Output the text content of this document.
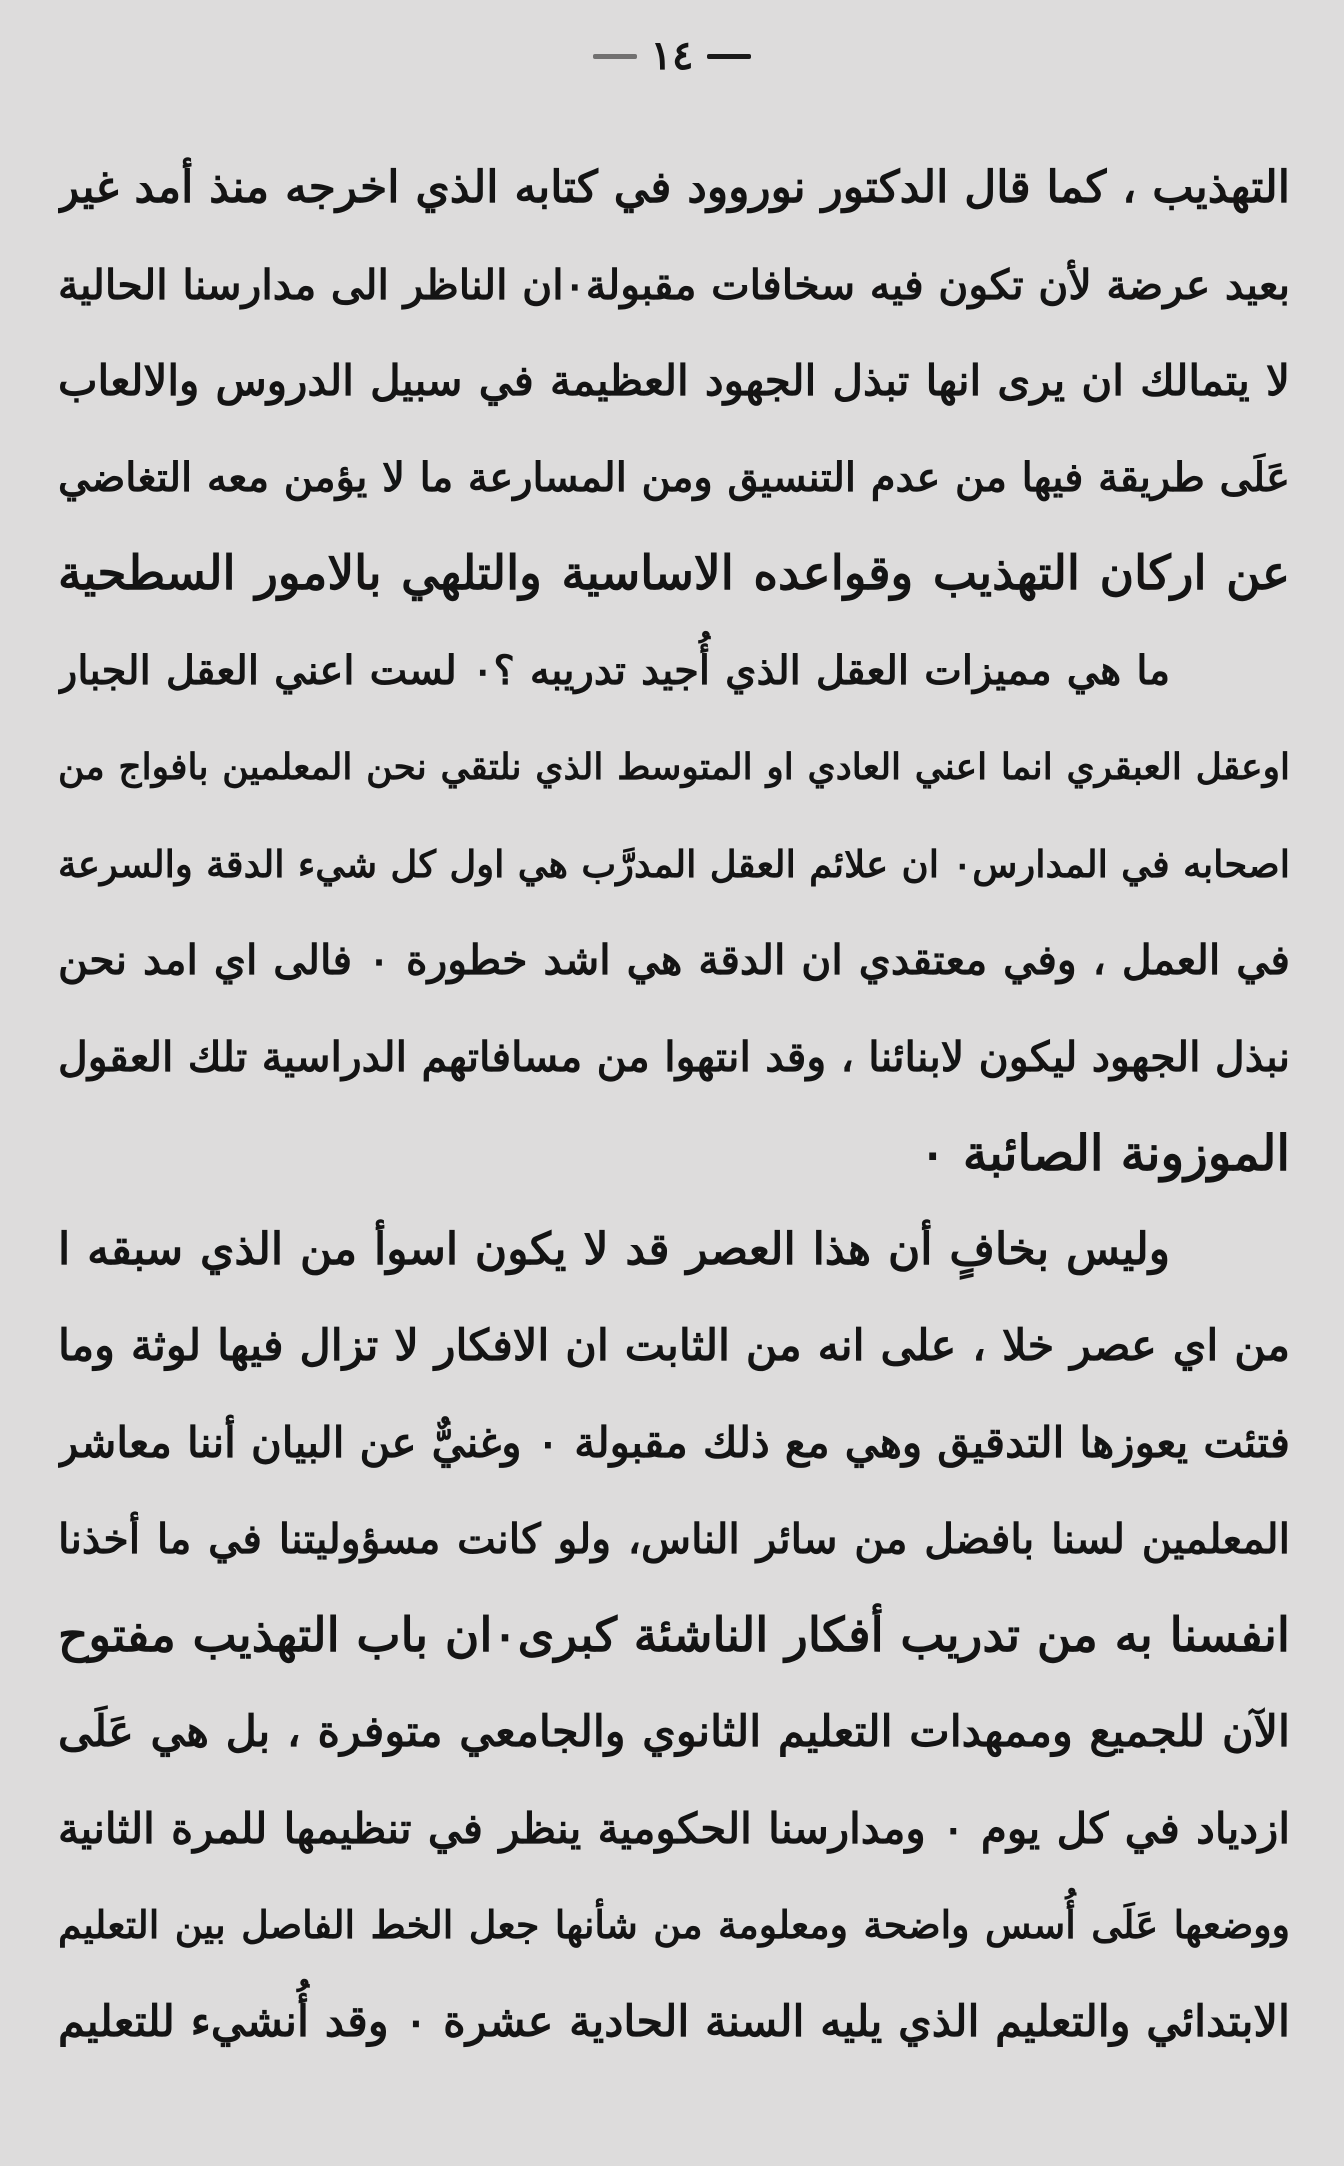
١٤
التهذيب ، كما قال الدكتور نوروود في كتابه الذي اخرجه منذ أمد غير
بعيد عرضة لأن تكون فيه سخافات مقبولة٠ان الناظر الى مدارسنا الحالية
لا يتمالك ان يرى انها تبذل الجهود العظيمة في سبيل الدروس والالعاب
عَلَى طريقة فيها من عدم التنسيق ومن المسارعة ما لا يؤمن معه التغاضي
عن اركان التهذيب وقواعده الاساسية والتلهي بالامور السطحية
ما هي مميزات العقل الذي أُجيد تدريبه ؟٠ لست اعني العقل الجبار
اوعقل العبقري انما اعني العادي او المتوسط الذي نلتقي نحن المعلمين بافواج من
اصحابه في المدارس٠ ان علائم العقل المدرَّب هي اول كل شيء الدقة والسرعة
في العمل ، وفي معتقدي ان الدقة هي اشد خطورة ٠ فالى اي امد نحن
نبذل الجهود ليكون لابنائنا ، وقد انتهوا من مسافاتهم الدراسية تلك العقول
الموزونة الصائبة ٠
وليس بخافٍ أن هذا العصر قد لا يكون اسوأ من الذي سبقه ا
من اي عصر خلا ، على انه من الثابت ان الافكار لا تزال فيها لوثة وما
فتئت يعوزها التدقيق وهي مع ذلك مقبولة ٠ وغنيٌّ عن البيان أننا معاشر
المعلمين لسنا بافضل من سائر الناس، ولو كانت مسؤوليتنا في ما أخذنا
انفسنا به من تدريب أفكار الناشئة كبرى٠ان باب التهذيب مفتوح
الآن للجميع وممهدات التعليم الثانوي والجامعي متوفرة ، بل هي عَلَى
ازدياد في كل يوم ٠ ومدارسنا الحكومية ينظر في تنظيمها للمرة الثانية
ووضعها عَلَى أُسس واضحة ومعلومة من شأنها جعل الخط الفاصل بين التعليم
الابتدائي والتعليم الذي يليه السنة الحادية عشرة ٠ وقد أُنشيء للتعليم
